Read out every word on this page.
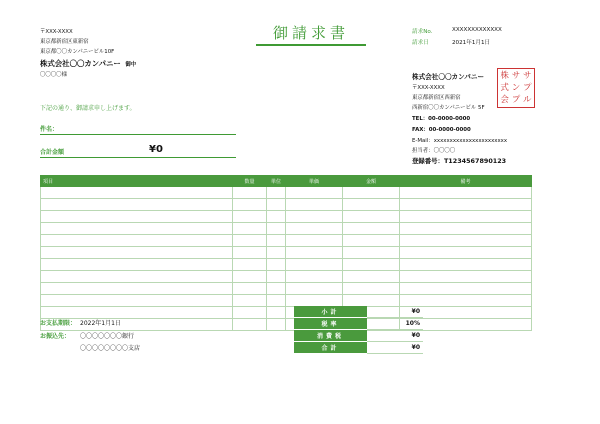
御請求書	請求No.	XXXXXXXXXXXXX
請求日	2021年1月1日
〒XXX-XXXX
東京都新宿区東新宿
東京都〇〇カンパニービル10F
株式会社〇〇カンパニー 御中
〇〇〇〇様
下記の通り、御請求申し上げます。
件名：
合計金額	¥0
株式会社〇〇カンパニー
〒XXX-XXXX
東京都新宿区西新宿
西新宿〇〇カンパニービル 5F
TEL：00-0000-0000
FAX：00-0000-0000
E-Mail：xxxxxxxxxxxxxxxxxxxxxxx
担当者：〇〇〇〇
登録番号：T1234567890123
株 サ サ
式 ン プ
会 プ ル
項目	数量	単位	単価	金額	備考

お支払期限： 2022年1月1日
お振込先： 〇〇〇〇〇〇〇銀行
〇〇〇〇〇〇〇〇支店
小計	¥0
税率	10%
消費税	¥0
合計	¥0
